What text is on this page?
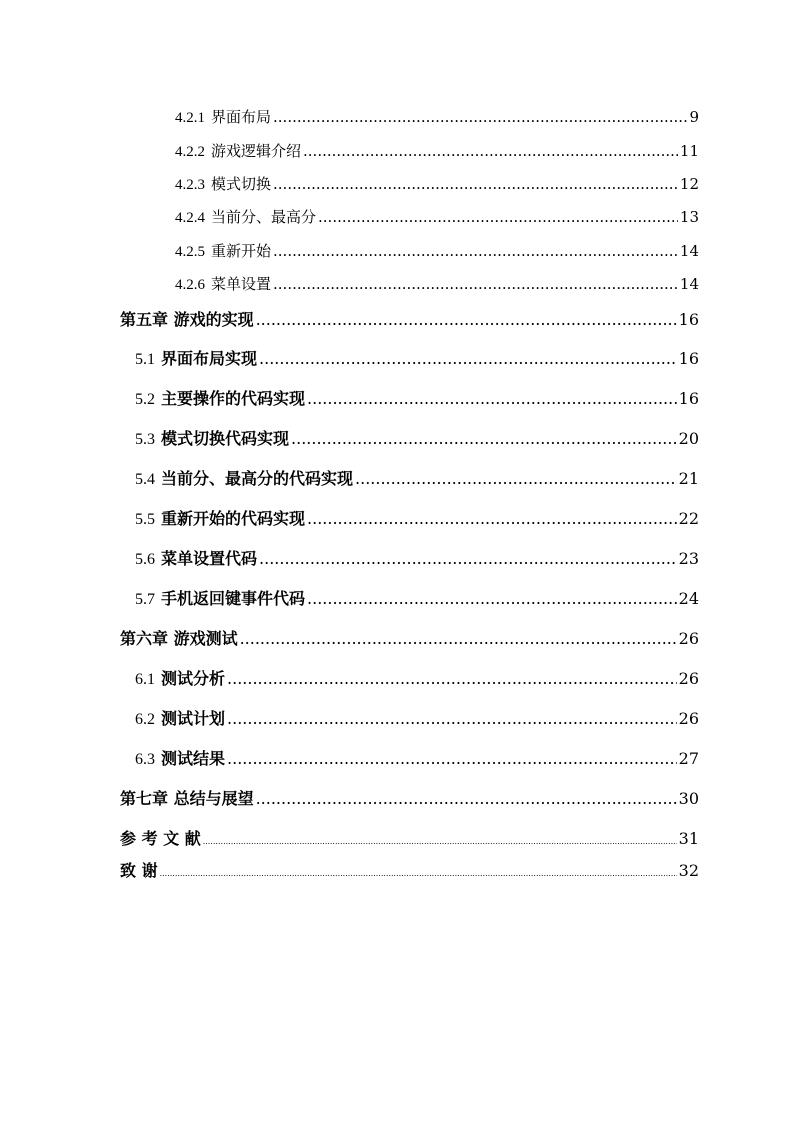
4.2.1 界面布局 .....	9
4.2.2 游戏逻辑介绍 .....	11
4.2.3 模式切换 .....	12
4.2.4 当前分、最高分 .....	13
4.2.5 重新开始 .....	14
4.2.6 菜单设置 .....	14
第五章 游戏的实现 .....	16
5.1 界面布局实现 .....	16
5.2 主要操作的代码实现 .....	16
5.3 模式切换代码实现 .....	20
5.4 当前分、最高分的代码实现 .....	21
5.5 重新开始的代码实现 .....	22
5.6 菜单设置代码 .....	23
5.7 手机返回键事件代码 .....	24
第六章 游戏测试 .....	26
6.1 测试分析 .....	26
6.2 测试计划 .....	26
6.3 测试结果 .....	27
第七章 总结与展望 .....	30
参 考 文 献 .....	31
致 谢 .....	32
